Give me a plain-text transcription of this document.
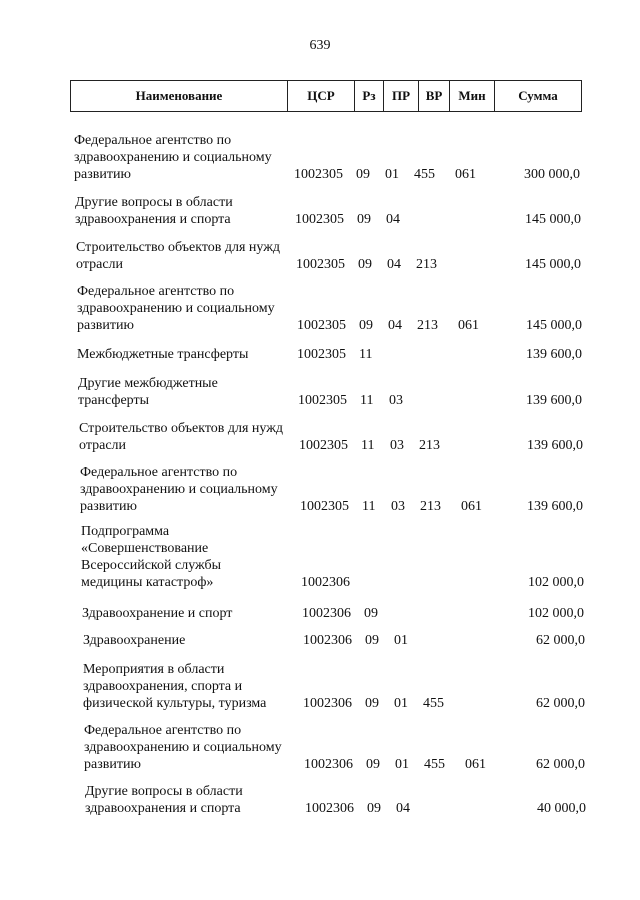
639
Наименование	ЦСР	Рз	ПР	ВР	Мин	Сумма
Федеральное агентство по
здравоохранению и социальному
развитию	1002305 09 01 455 061	300 000,0
Другие вопросы в области
здравоохранения и спорта	1002305 09 04	145 000,0
Строительство объектов для нужд
отрасли	1002305 09 04 213	145 000,0
Федеральное агентство по
здравоохранению и социальному
развитию	1002305 09 04 213 061	145 000,0
Межбюджетные трансферты	1002305 11	139 600,0
Другие межбюджетные
трансферты	1002305 11 03	139 600,0
Строительство объектов для нужд
отрасли	1002305 11 03 213	139 600,0
Федеральное агентство по
здравоохранению и социальному
развитию	1002305 11 03 213 061	139 600,0
Подпрограмма
«Совершенствование
Всероссийской службы
медицины катастроф»	1002306	102 000,0
Здравоохранение и спорт	1002306 09	102 000,0
Здравоохранение	1002306 09 01	62 000,0
Мероприятия в области
здравоохранения, спорта и
физической культуры, туризма	1002306 09 01 455	62 000,0
Федеральное агентство по
здравоохранению и социальному
развитию	1002306 09 01 455 061	62 000,0
Другие вопросы в области
здравоохранения и спорта	1002306 09 04	40 000,0
